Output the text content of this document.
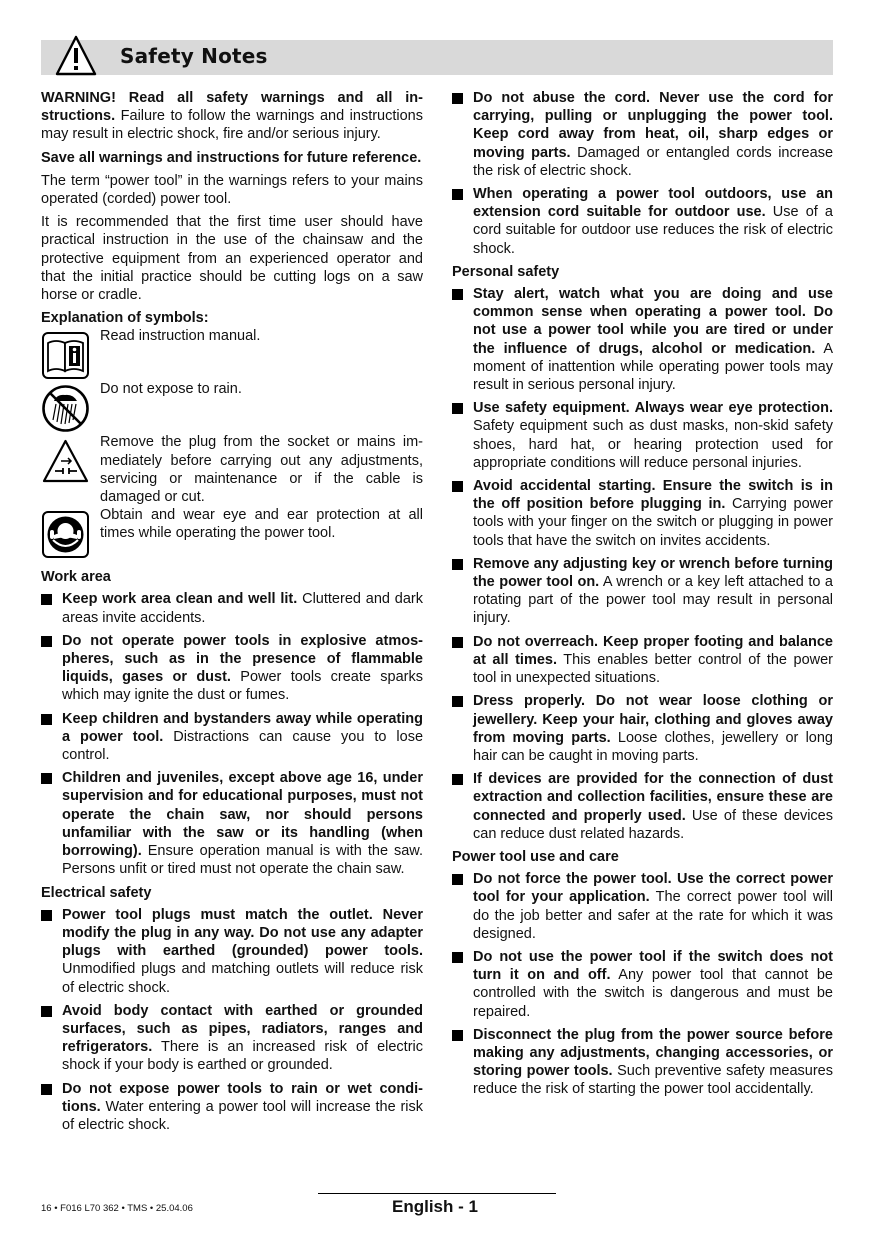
Safety Notes

WARNING! Read all safety warnings and all instructions. Failure to follow the warnings and instructions may result in electric shock, fire and/or serious injury.

Save all warnings and instructions for future reference.

The term “power tool” in the warnings refers to your mains operated (corded) power tool.

It is recommended that the first time user should have practical instruction in the use of the chainsaw and the protective equipment from an experienced operator and that the initial practice should be cutting logs on a saw horse or cradle.

Explanation of symbols:
Read instruction manual.
Do not expose to rain.
Remove the plug from the socket or mains immediately before carrying out any adjustments, servicing or maintenance or if the cable is damaged or cut.
Obtain and wear eye and ear protection at all times while operating the power tool.
Work area
Keep work area clean and well lit. Cluttered and dark areas invite accidents.
Do not operate power tools in explosive atmospheres, such as in the presence of flammable liquids, gases or dust. Power tools create sparks which may ignite the dust or fumes.
Keep children and bystanders away while operating a power tool. Distractions can cause you to lose control.
Children and juveniles, except above age 16, under supervision and for educational purposes, must not operate the chain saw, nor should persons unfamiliar with the saw or its handling (when borrowing). Ensure operation manual is with the saw. Persons unfit or tired must not operate the chain saw.
Electrical safety
Power tool plugs must match the outlet. Never modify the plug in any way. Do not use any adapter plugs with earthed (grounded) power tools. Unmodified plugs and matching outlets will reduce risk of electric shock.
Avoid body contact with earthed or grounded surfaces, such as pipes, radiators, ranges and refrigerators. There is an increased risk of electric shock if your body is earthed or grounded.
Do not expose power tools to rain or wet conditions. Water entering a power tool will increase the risk of electric shock.
Do not abuse the cord. Never use the cord for carrying, pulling or unplugging the power tool. Keep cord away from heat, oil, sharp edges or moving parts. Damaged or entangled cords increase the risk of electric shock.
When operating a power tool outdoors, use an extension cord suitable for outdoor use. Use of a cord suitable for outdoor use reduces the risk of electric shock.
Personal safety
Stay alert, watch what you are doing and use common sense when operating a power tool. Do not use a power tool while you are tired or under the influence of drugs, alcohol or medication. A moment of inattention while operating power tools may result in serious personal injury.
Use safety equipment. Always wear eye protection. Safety equipment such as dust masks, non-skid safety shoes, hard hat, or hearing protection used for appropriate conditions will reduce personal injuries.
Avoid accidental starting. Ensure the switch is in the off position before plugging in. Carrying power tools with your finger on the switch or plugging in power tools that have the switch on invites accidents.
Remove any adjusting key or wrench before turning the power tool on. A wrench or a key left attached to a rotating part of the power tool may result in personal injury.
Do not overreach. Keep proper footing and balance at all times. This enables better control of the power tool in unexpected situations.
Dress properly. Do not wear loose clothing or jewellery. Keep your hair, clothing and gloves away from moving parts. Loose clothes, jewellery or long hair can be caught in moving parts.
If devices are provided for the connection of dust extraction and collection facilities, ensure these are connected and properly used. Use of these devices can reduce dust related hazards.
Power tool use and care
Do not force the power tool. Use the correct power tool for your application. The correct power tool will do the job better and safer at the rate for which it was designed.
Do not use the power tool if the switch does not turn it on and off. Any power tool that cannot be controlled with the switch is dangerous and must be repaired.
Disconnect the plug from the power source before making any adjustments, changing accessories, or storing power tools. Such preventive safety measures reduce the risk of starting the power tool accidentally.
16 • F016 L70 362 • TMS • 25.04.06	English - 1
